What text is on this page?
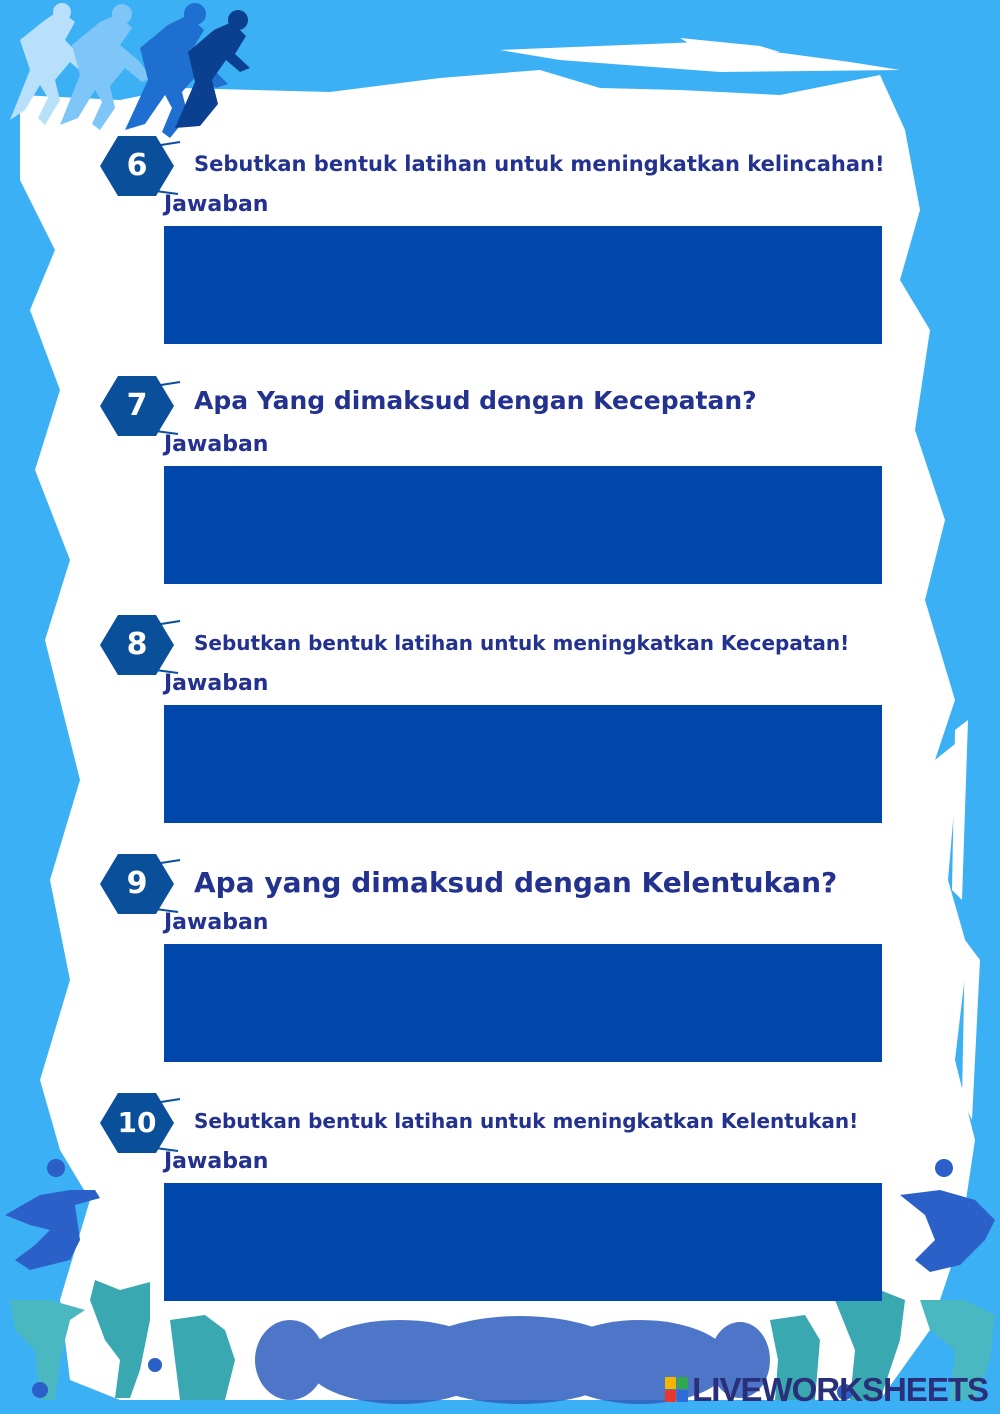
6	Sebutkan bentuk latihan untuk meningkatkan kelincahan!
Jawaban
7	Apa Yang dimaksud dengan Kecepatan?
Jawaban
8	Sebutkan bentuk latihan untuk meningkatkan Kecepatan!
Jawaban
9	Apa yang dimaksud dengan Kelentukan?
Jawaban
10	Sebutkan bentuk latihan untuk meningkatkan Kelentukan!
Jawaban
LIVEWORKSHEETS
